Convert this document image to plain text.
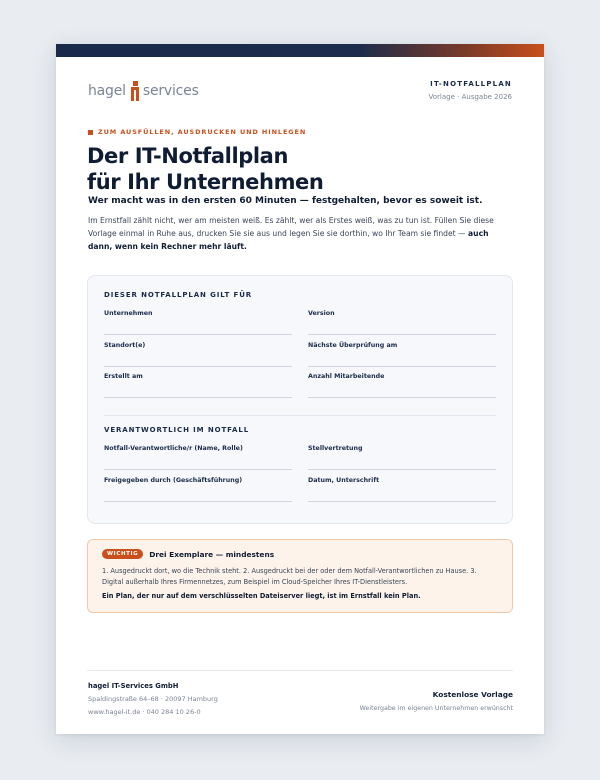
hagel services	IT-NOTFALLPLAN
Vorlage · Ausgabe 2026
ZUM AUSFÜLLEN, AUSDRUCKEN UND HINLEGEN
Der IT-Notfallplan
für Ihr Unternehmen
Wer macht was in den ersten 60 Minuten — festgehalten, bevor es soweit ist.
Im Ernstfall zählt nicht, wer am meisten weiß. Es zählt, wer als Erstes weiß, was zu tun ist. Füllen Sie diese Vorlage einmal in Ruhe aus, drucken Sie sie aus und legen Sie sie dorthin, wo Ihr Team sie findet — auch dann, wenn kein Rechner mehr läuft.
DIESER NOTFALLPLAN GILT FÜR
Unternehmen	Version
Standort(e)	Nächste Überprüfung am
Erstellt am	Anzahl Mitarbeitende
VERANTWORTLICH IM NOTFALL
Notfall-Verantwortliche/r (Name, Rolle)	Stellvertretung
Freigegeben durch (Geschäftsführung)	Datum, Unterschrift
WICHTIG	Drei Exemplare — mindestens
1. Ausgedruckt dort, wo die Technik steht. 2. Ausgedruckt bei der oder dem Notfall-Verantwortlichen zu Hause. 3. Digital außerhalb Ihres Firmennetzes, zum Beispiel im Cloud-Speicher Ihres IT-Dienstleisters.
Ein Plan, der nur auf dem verschlüsselten Dateiserver liegt, ist im Ernstfall kein Plan.
hagel IT-Services GmbH
Spaldingstraße 64–68 · 20097 Hamburg
www.hagel-it.de · 040 284 10 26-0
Kostenlose Vorlage
Weitergabe im eigenen Unternehmen erwünscht
